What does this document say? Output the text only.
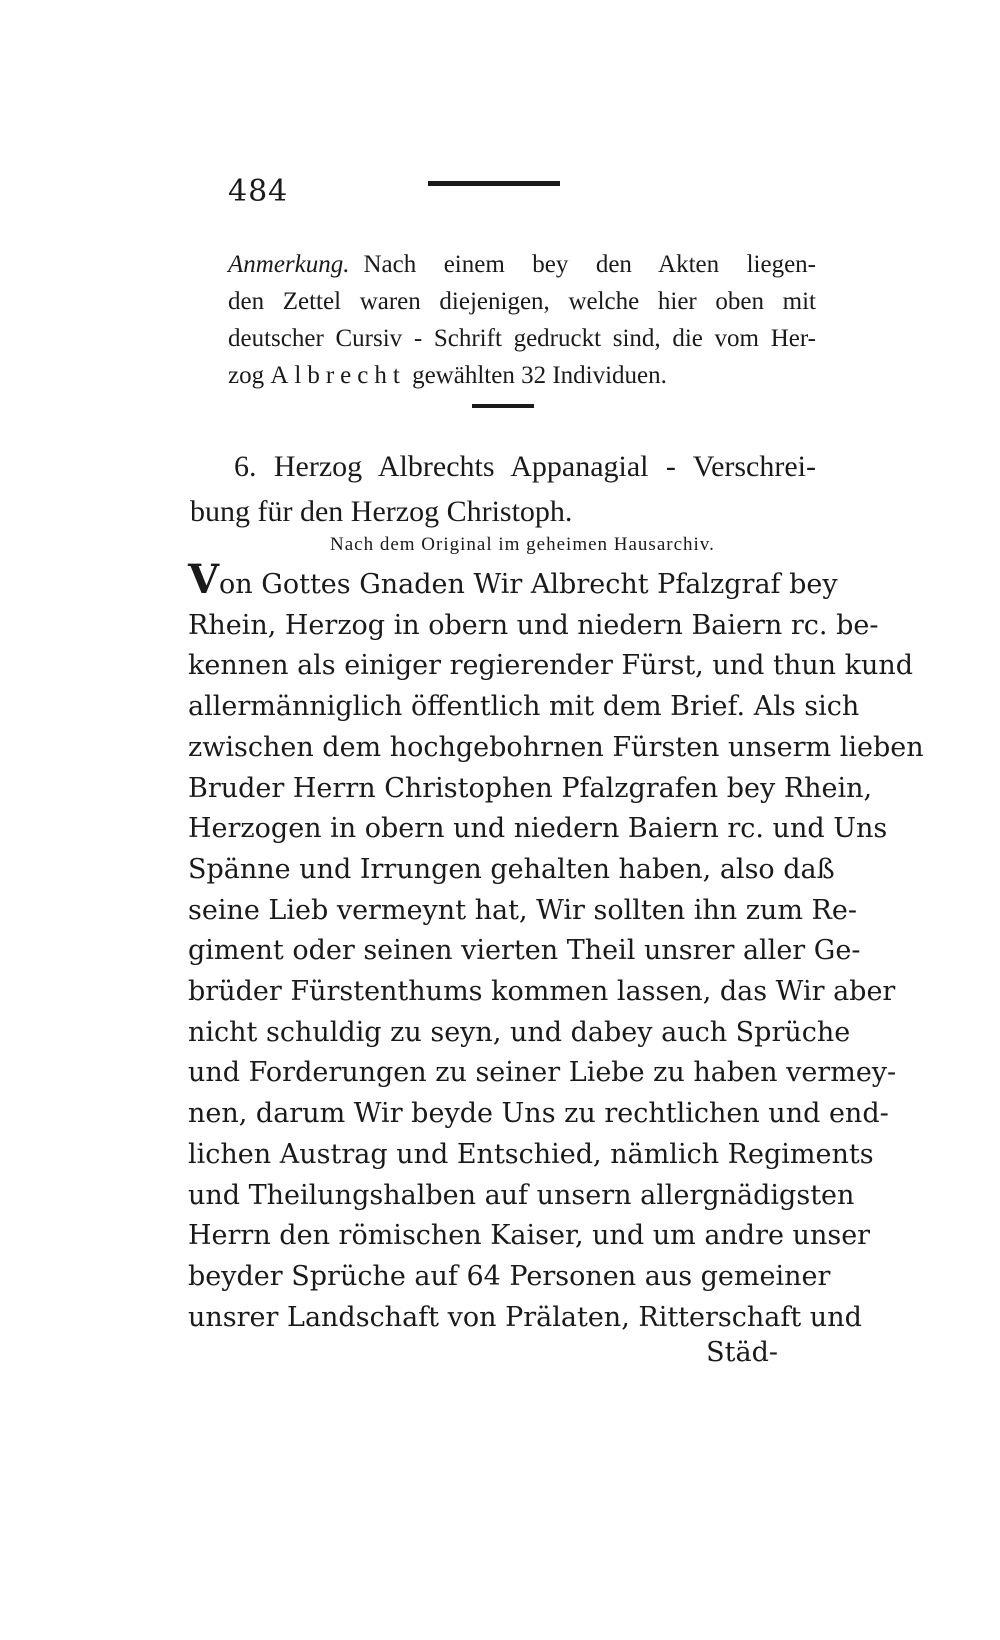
484
Anmerkung. Nach einem bey den Akten liegen-
den Zettel waren diejenigen, welche hier oben mit
deutscher Cursiv - Schrift gedruckt sind, die vom Her-
zog Albrecht gewählten 32 Individuen.
6. Herzog Albrechts Appanagial - Verschrei-
bung für den Herzog Christoph.
Nach dem Original im geheimen Hausarchiv.
Von Gottes Gnaden Wir Albrecht Pfalzgraf bey
Rhein, Herzog in obern und niedern Baiern rc. be-
kennen als einiger regierender Fürst, und thun kund
allermänniglich öffentlich mit dem Brief. Als sich
zwischen dem hochgebohrnen Fürsten unserm lieben
Bruder Herrn Christophen Pfalzgrafen bey Rhein,
Herzogen in obern und niedern Baiern rc. und Uns
Spänne und Irrungen gehalten haben, also daß
seine Lieb vermeynt hat, Wir sollten ihn zum Re-
giment oder seinen vierten Theil unsrer aller Ge-
brüder Fürstenthums kommen lassen, das Wir aber
nicht schuldig zu seyn, und dabey auch Sprüche
und Forderungen zu seiner Liebe zu haben vermey-
nen, darum Wir beyde Uns zu rechtlichen und end-
lichen Austrag und Entschied, nämlich Regiments
und Theilungshalben auf unsern allergnädigsten
Herrn den römischen Kaiser, und um andre unser
beyder Sprüche auf 64 Personen aus gemeiner
unsrer Landschaft von Prälaten, Ritterschaft und
Städ-
